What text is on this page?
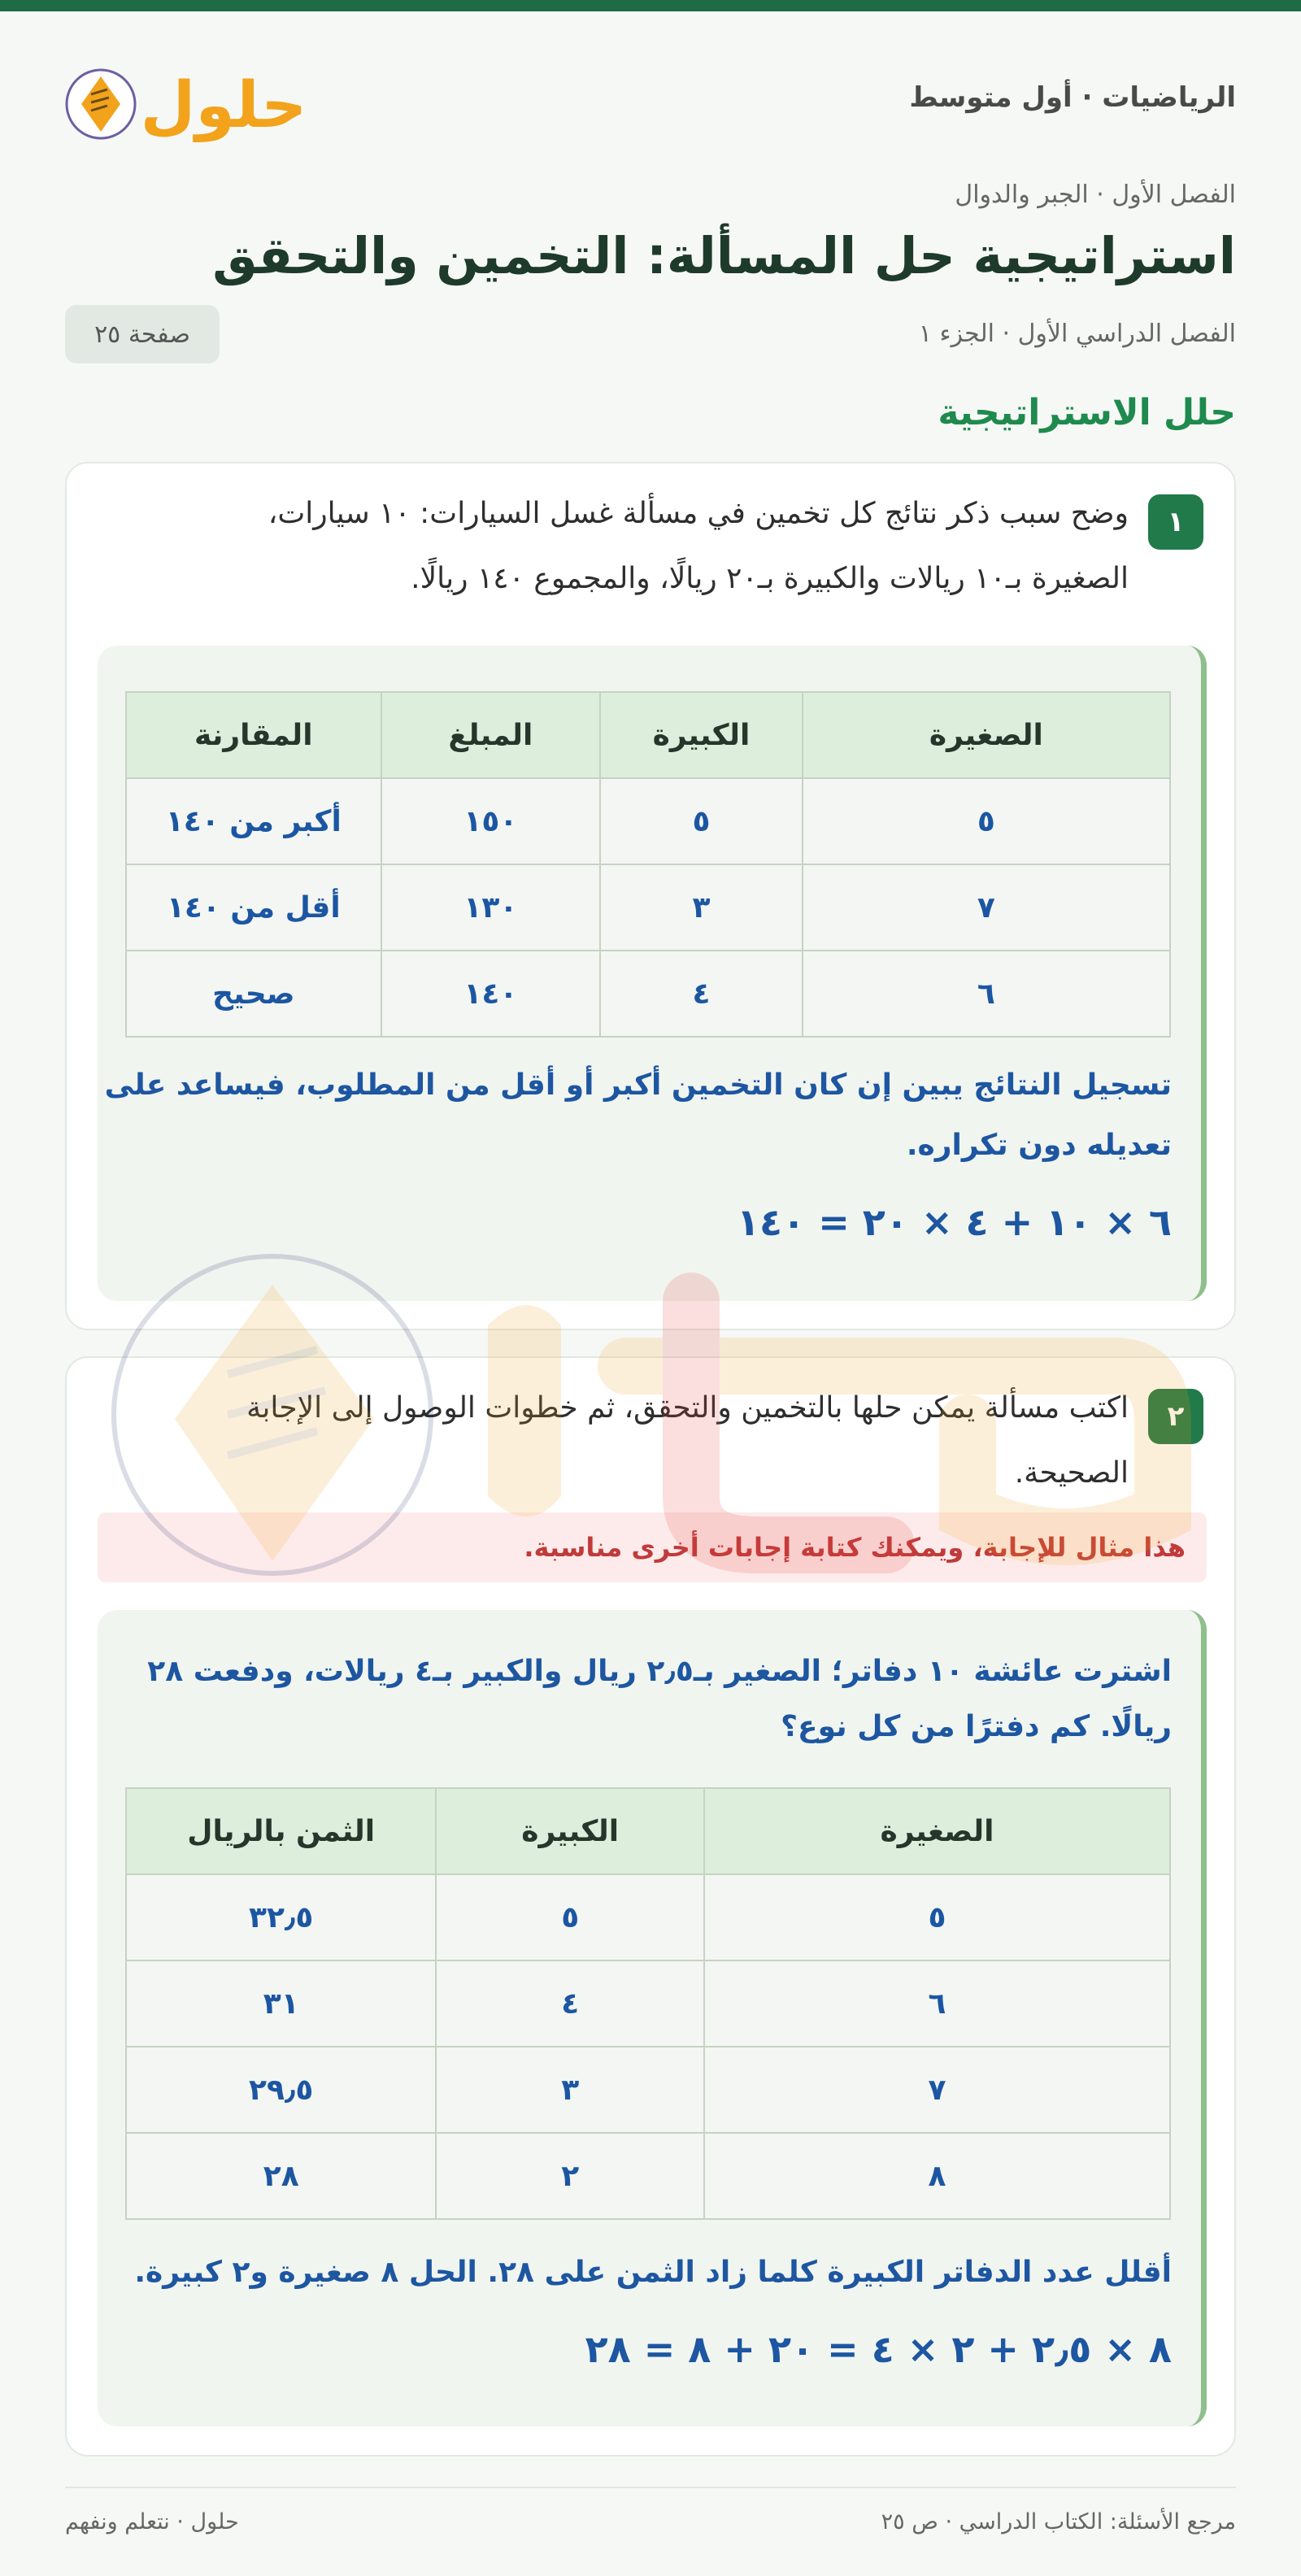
الرياضيات · أول متوسط
حلول
الفصل الأول · الجبر والدوال
استراتيجية حل المسألة: التخمين والتحقق
الفصل الدراسي الأول · الجزء ١
صفحة ٢٥
حلل الاستراتيجية
١
وضح سبب ذكر نتائج كل تخمين في مسألة غسل السيارات: ١٠ سيارات،
الصغيرة بـ١٠ ريالات والكبيرة بـ٢٠ ريالًا، والمجموع ١٤٠ ريالًا.
الصغيرة	الكبيرة	المبلغ	المقارنة
٥	٥	١٥٠	أكبر من ١٤٠
٧	٣	١٣٠	أقل من ١٤٠
٦	٤	١٤٠	صحيح
تسجيل النتائج يبين إن كان التخمين أكبر أو أقل من المطلوب، فيساعد على
تعديله دون تكراره.
٦ × ١٠ + ٤ × ٢٠ = ١٤٠
٢
اكتب مسألة يمكن حلها بالتخمين والتحقق، ثم خطوات الوصول إلى الإجابة
الصحيحة.
هذا مثال للإجابة، ويمكنك كتابة إجابات أخرى مناسبة.
اشترت عائشة ١٠ دفاتر؛ الصغير بـ٢٫٥ ريال والكبير بـ٤ ريالات، ودفعت ٢٨
ريالًا. كم دفترًا من كل نوع؟
الصغيرة	الكبيرة	الثمن بالريال
٥	٥	٣٢٫٥
٦	٤	٣١
٧	٣	٢٩٫٥
٨	٢	٢٨
أقلل عدد الدفاتر الكبيرة كلما زاد الثمن على ٢٨. الحل ٨ صغيرة و٢ كبيرة.
٨ × ٢٫٥ + ٢ × ٤ = ٢٠ + ٨ = ٢٨
مرجع الأسئلة: الكتاب الدراسي · ص ٢٥
حلول · نتعلم ونفهم
